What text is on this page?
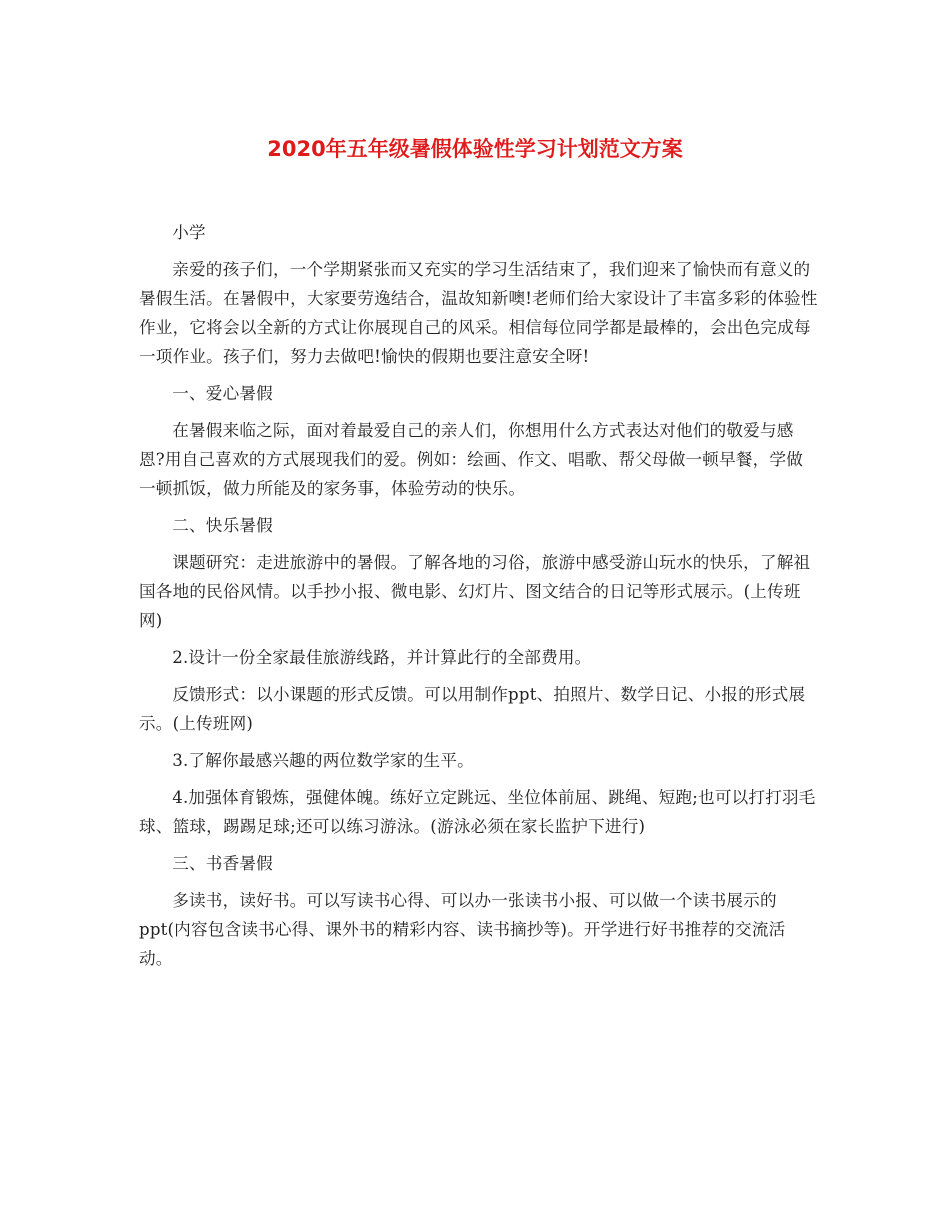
2020年五年级暑假体验性学习计划范文方案

小学

亲爱的孩子们，一个学期紧张而又充实的学习生活结束了，我们迎来了愉快而有意义的暑假生活。在暑假中，大家要劳逸结合，温故知新噢!老师们给大家设计了丰富多彩的体验性作业，它将会以全新的方式让你展现自己的风采。相信每位同学都是最棒的，会出色完成每一项作业。孩子们，努力去做吧!愉快的假期也要注意安全呀!

一、爱心暑假

在暑假来临之际，面对着最爱自己的亲人们，你想用什么方式表达对他们的敬爱与感恩?用自己喜欢的方式展现我们的爱。例如：绘画、作文、唱歌、帮父母做一顿早餐，学做一顿抓饭，做力所能及的家务事，体验劳动的快乐。

二、快乐暑假

课题研究：走进旅游中的暑假。了解各地的习俗，旅游中感受游山玩水的快乐，了解祖国各地的民俗风情。以手抄小报、微电影、幻灯片、图文结合的日记等形式展示。(上传班网)

2.设计一份全家最佳旅游线路，并计算此行的全部费用。

反馈形式：以小课题的形式反馈。可以用制作ppt、拍照片、数学日记、小报的形式展示。(上传班网)

3.了解你最感兴趣的两位数学家的生平。

4.加强体育锻炼，强健体魄。练好立定跳远、坐位体前屈、跳绳、短跑;也可以打打羽毛球、篮球，踢踢足球;还可以练习游泳。(游泳必须在家长监护下进行)

三、书香暑假

多读书，读好书。可以写读书心得、可以办一张读书小报、可以做一个读书展示的ppt(内容包含读书心得、课外书的精彩内容、读书摘抄等)。开学进行好书推荐的交流活动。
